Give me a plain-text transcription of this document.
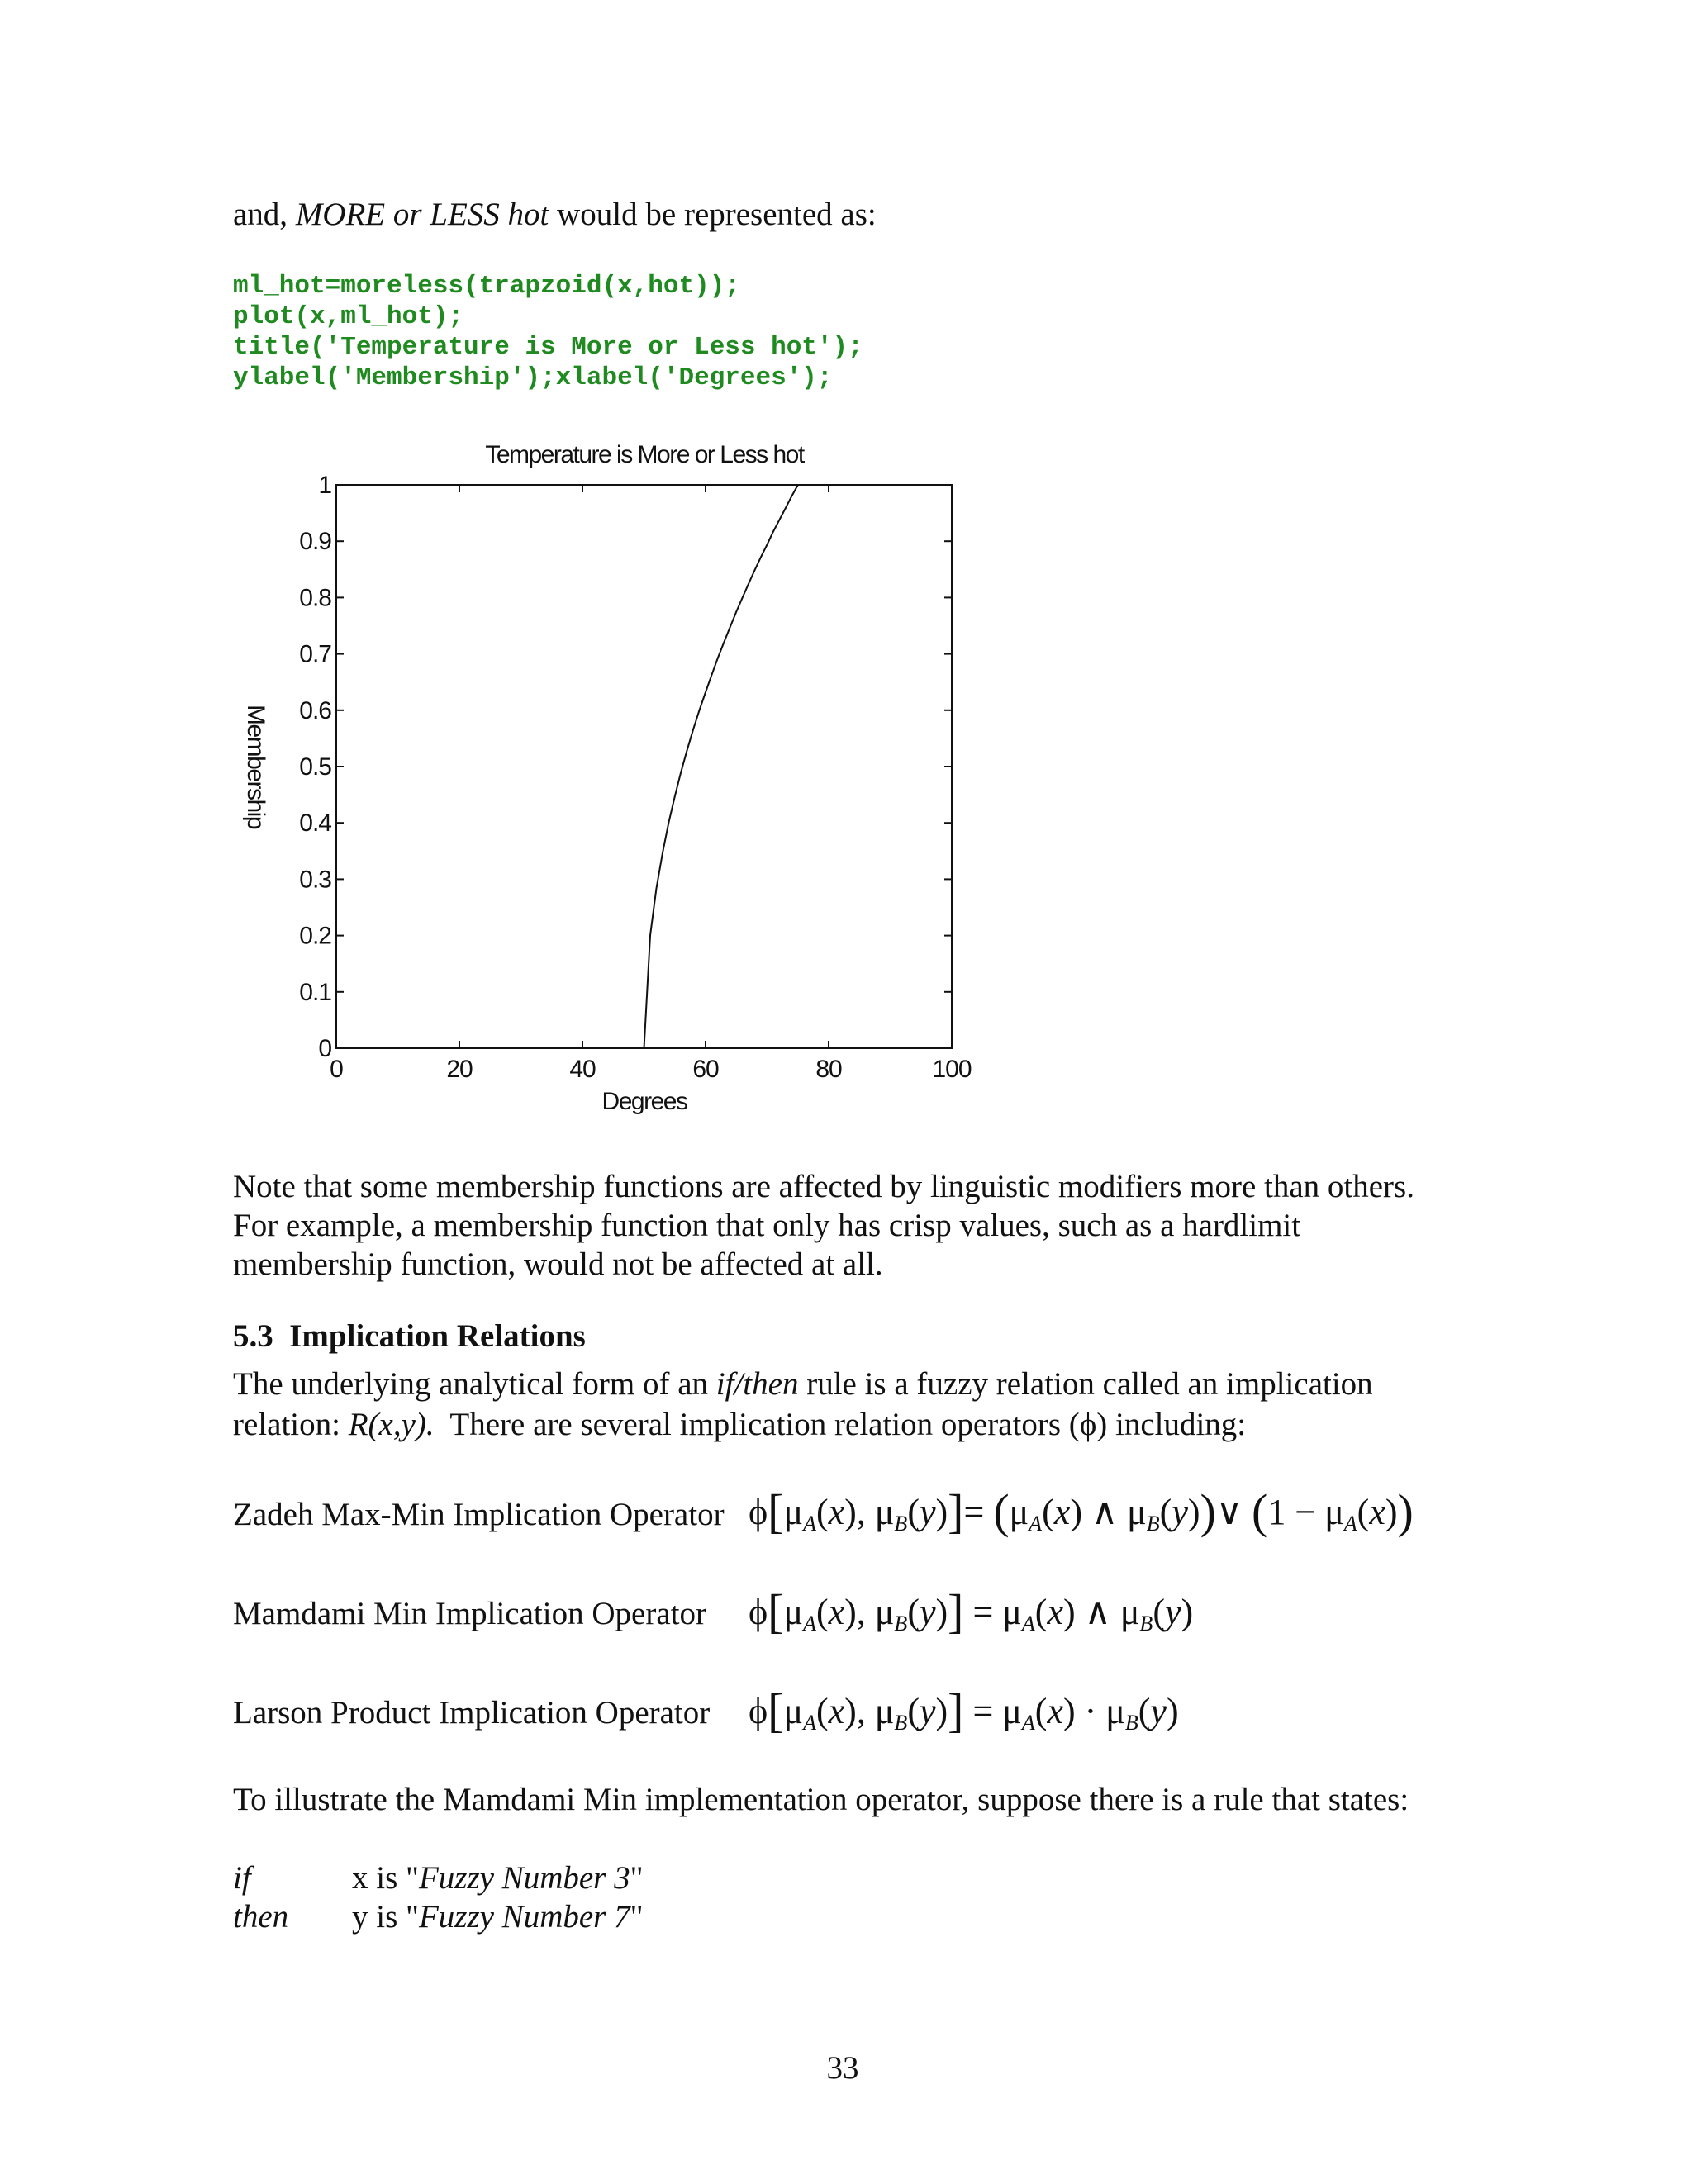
and, MORE or LESS hot would be represented as:
ml_hot=moreless(trapzoid(x,hot));
plot(x,ml_hot);
title('Temperature is More or Less hot');
ylabel('Membership');xlabel('Degrees');
Temperature is More or Less hot
0	20	40	60	80	100
0
0.1
0.2
0.3
0.4
0.5
0.6
0.7
0.8
0.9
1
Degrees
Membership
Note that some membership functions are affected by linguistic modifiers more than others.
For example, a membership function that only has crisp values, such as a hardlimit
membership function, would not be affected at all.
5.3 Implication Relations
The underlying analytical form of an if/then rule is a fuzzy relation called an implication
relation: R(x,y).  There are several implication relation operators (ϕ) including:
Zadeh Max-Min Implication Operator $\phi[\mu_A(x)$, $\mu_B(y)]= (\mu_A(x)$ ∧ $\mu_B(y))\vee$ $(1 - \mu_A(x))$
Mamdami Min Implication Operator $\phi[\mu_A(x)$, $\mu_B(y)] = \mu_A(x)$ ∧ $\mu_B(y)$
Larson Product Implication Operator $\phi[\mu_A(x)$, $\mu_B(y)] = \mu_A(x) \cdot \mu_B(y)$
To illustrate the Mamdami Min implementation operator, suppose there is a rule that states:
if	x is "Fuzzy Number 3"
then y is "Fuzzy Number 7"
33
